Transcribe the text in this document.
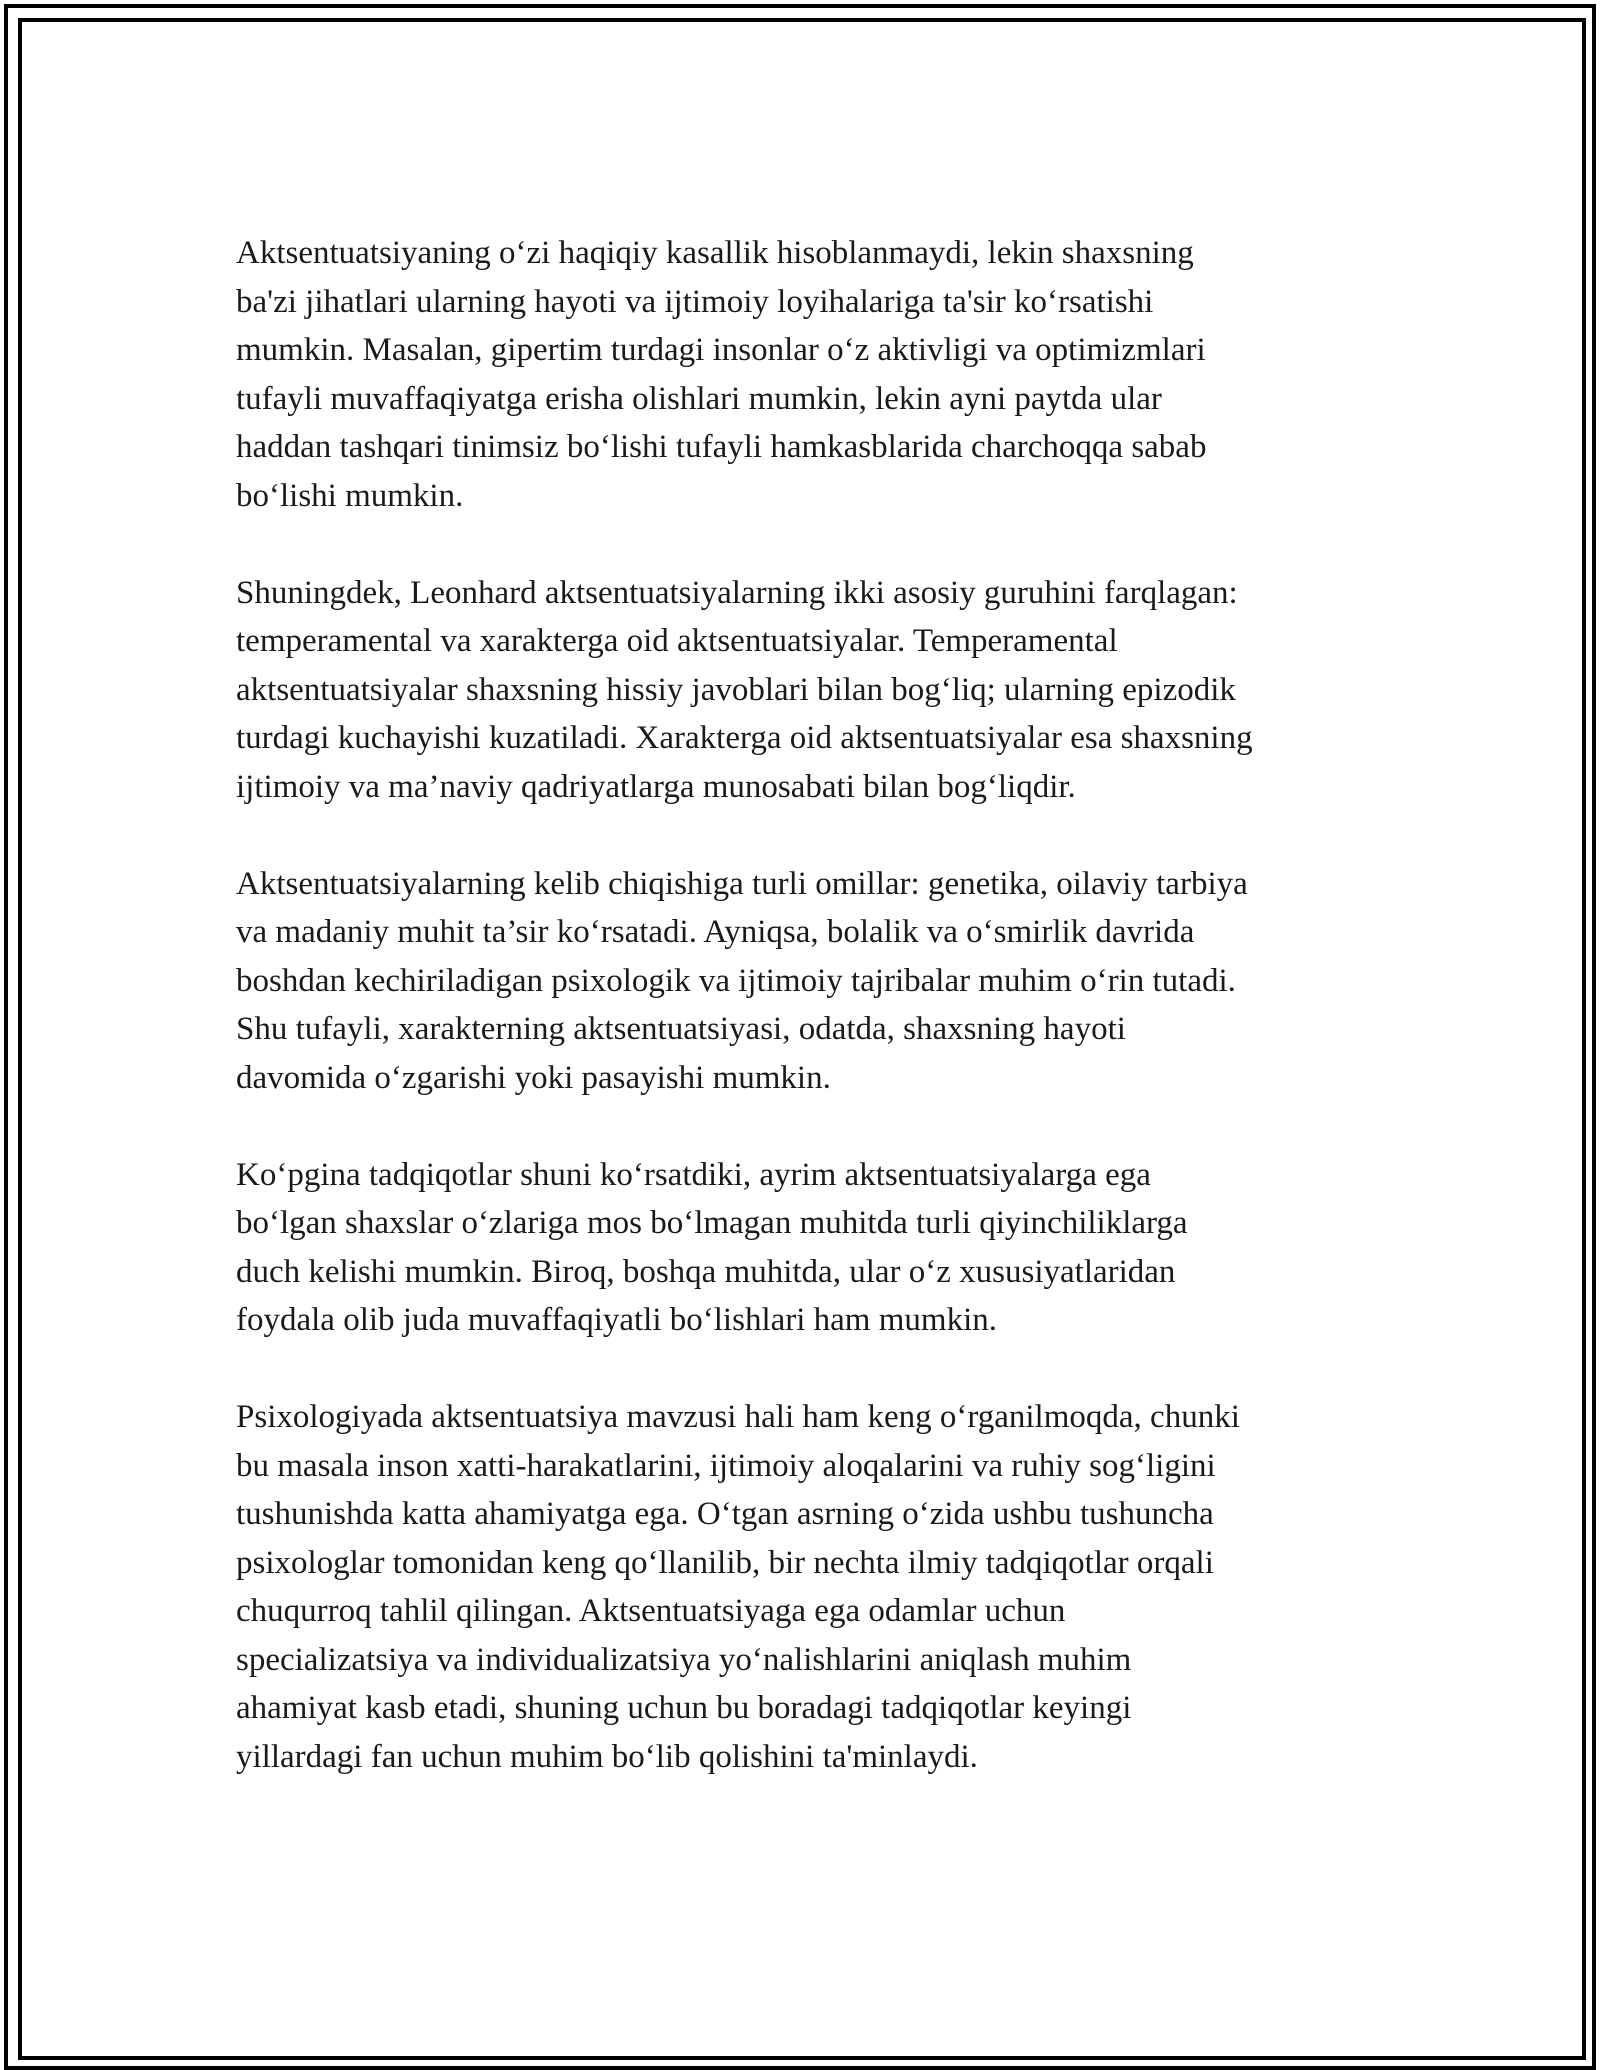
Aktsentuatsiyaning o‘zi haqiqiy kasallik hisoblanmaydi, lekin shaxsning
ba'zi jihatlari ularning hayoti va ijtimoiy loyihalariga ta'sir ko‘rsatishi
mumkin. Masalan, gipertim turdagi insonlar o‘z aktivligi va optimizmlari
tufayli muvaffaqiyatga erisha olishlari mumkin, lekin ayni paytda ular
haddan tashqari tinimsiz bo‘lishi tufayli hamkasblarida charchoqqa sabab
bo‘lishi mumkin.

Shuningdek, Leonhard aktsentuatsiyalarning ikki asosiy guruhini farqlagan:
temperamental va xarakterga oid aktsentuatsiyalar. Temperamental
aktsentuatsiyalar shaxsning hissiy javoblari bilan bog‘liq; ularning epizodik
turdagi kuchayishi kuzatiladi. Xarakterga oid aktsentuatsiyalar esa shaxsning
ijtimoiy va ma’naviy qadriyatlarga munosabati bilan bog‘liqdir.

Aktsentuatsiyalarning kelib chiqishiga turli omillar: genetika, oilaviy tarbiya
va madaniy muhit ta’sir ko‘rsatadi. Ayniqsa, bolalik va o‘smirlik davrida
boshdan kechiriladigan psixologik va ijtimoiy tajribalar muhim o‘rin tutadi.
Shu tufayli, xarakterning aktsentuatsiyasi, odatda, shaxsning hayoti
davomida o‘zgarishi yoki pasayishi mumkin.

Ko‘pgina tadqiqotlar shuni ko‘rsatdiki, ayrim aktsentuatsiyalarga ega
bo‘lgan shaxslar o‘zlariga mos bo‘lmagan muhitda turli qiyinchiliklarga
duch kelishi mumkin. Biroq, boshqa muhitda, ular o‘z xususiyatlaridan
foydala olib juda muvaffaqiyatli bo‘lishlari ham mumkin.

Psixologiyada aktsentuatsiya mavzusi hali ham keng o‘rganilmoqda, chunki
bu masala inson xatti-harakatlarini, ijtimoiy aloqalarini va ruhiy sog‘ligini
tushunishda katta ahamiyatga ega. O‘tgan asrning o‘zida ushbu tushuncha
psixologlar tomonidan keng qo‘llanilib, bir nechta ilmiy tadqiqotlar orqali
chuqurroq tahlil qilingan. Aktsentuatsiyaga ega odamlar uchun
specializatsiya va individualizatsiya yo‘nalishlarini aniqlash muhim
ahamiyat kasb etadi, shuning uchun bu boradagi tadqiqotlar keyingi
yillardagi fan uchun muhim bo‘lib qolishini ta'minlaydi.
